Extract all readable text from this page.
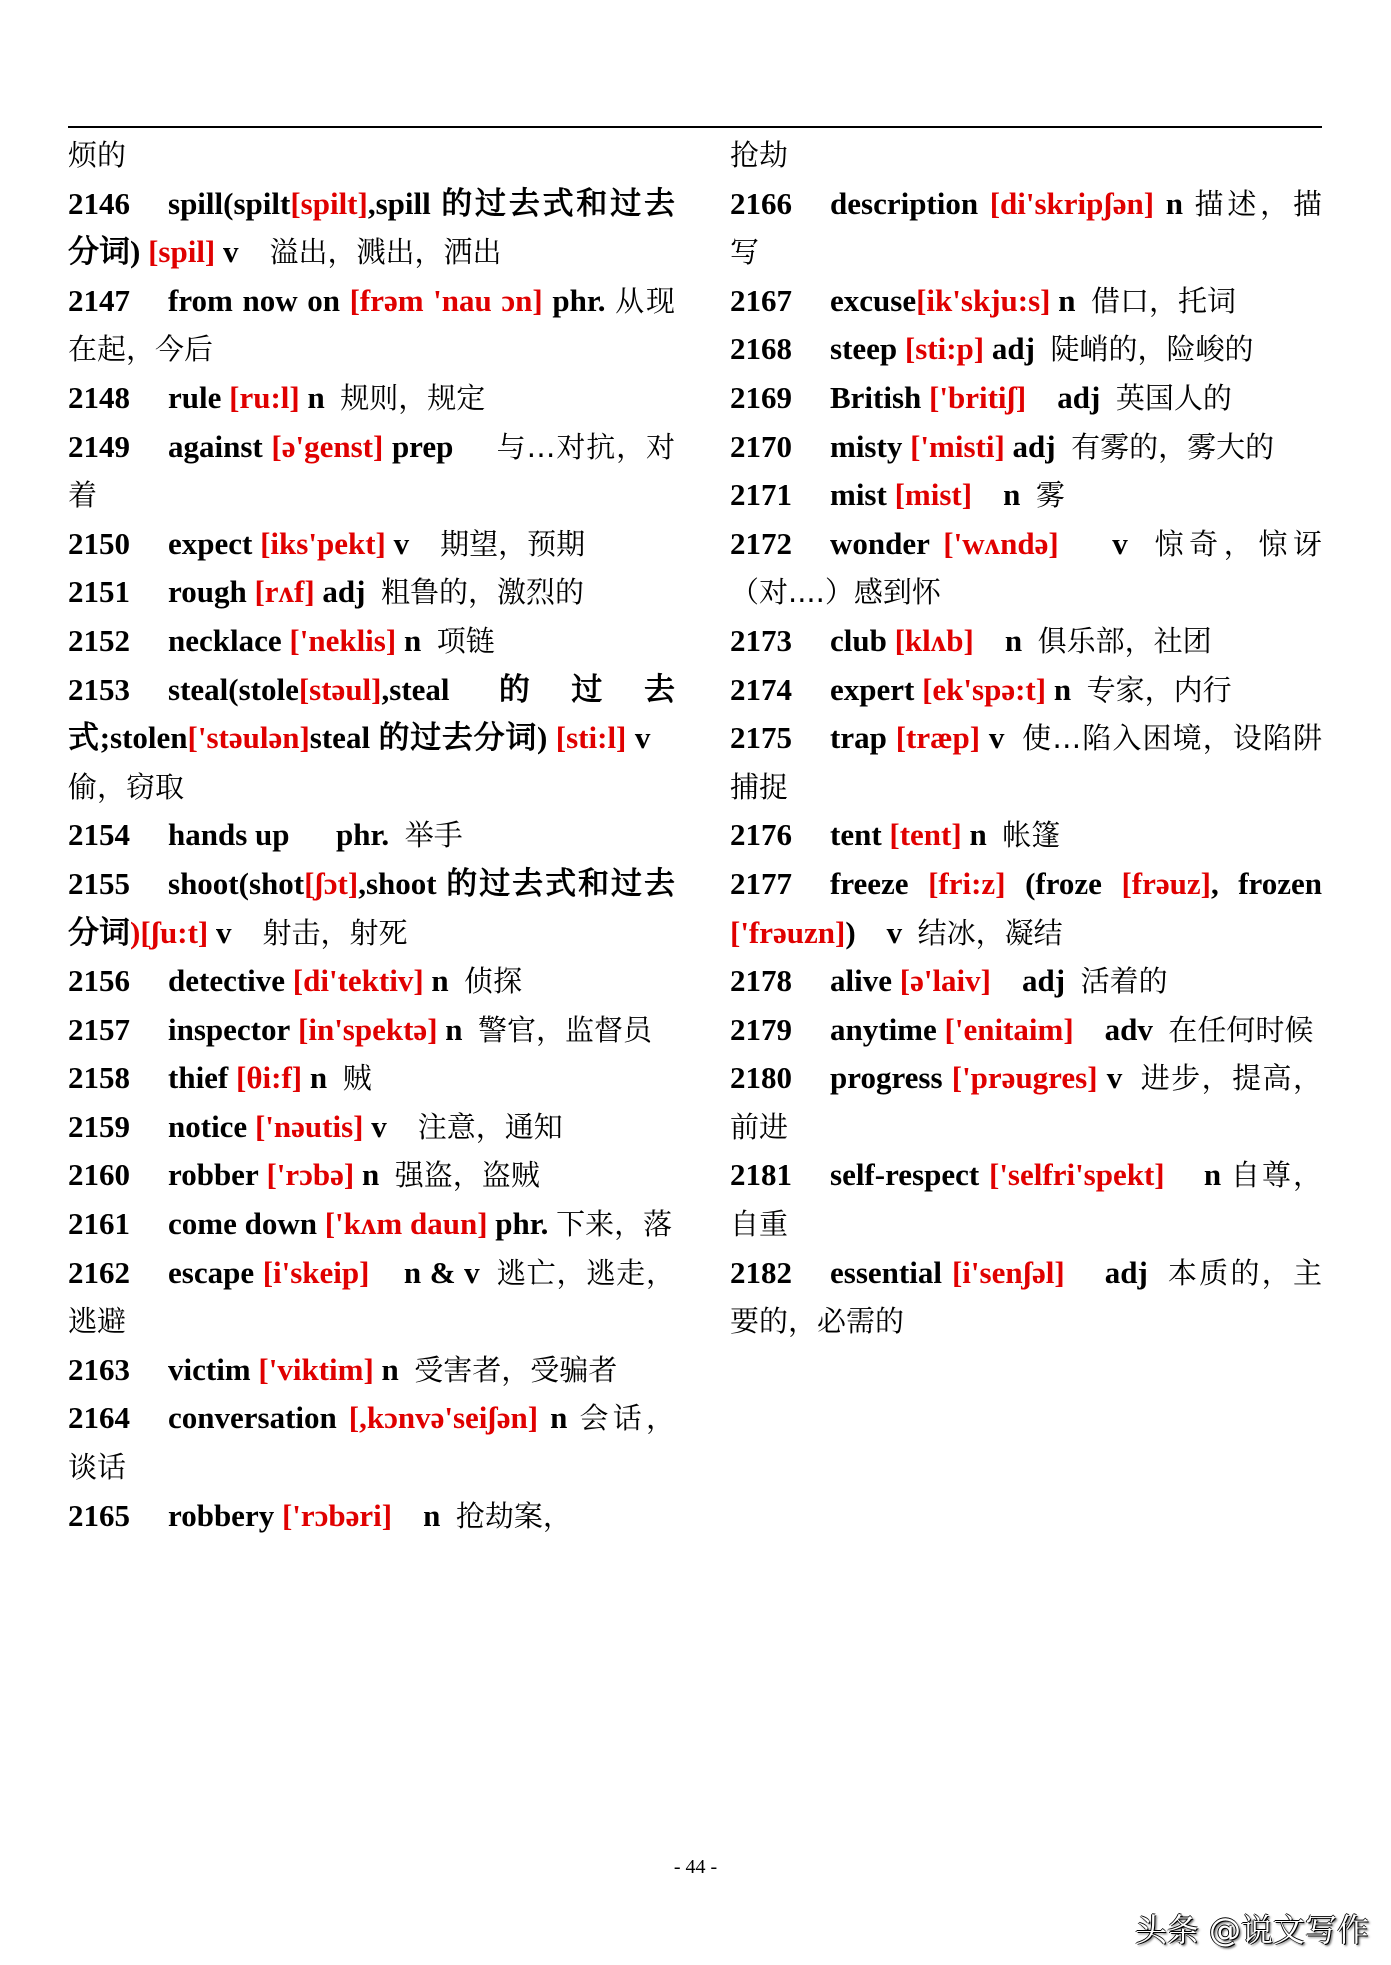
烦的

2146 spill(spilt[spilt],spill 的过去式和过去分词) [spil] v 溢出，溅出，洒出

2147 from now on [frəm 'nau ɔn] phr. 从现在起，今后

2148 rule [ru:l] n 规则，规定

2149 against [ə'genst] prep 与…对抗，对着

2150 expect [iks'pekt] v 期望，预期

2151 rough [rʌf] adj 粗鲁的，激烈的

2152 necklace ['neklis] n 项链

2153 steal(stole[stəul],steal 的过去式;stolen['stəulən]steal 的过去分词) [sti:l] v    偷，窃取

2154 hands up phr. 举手

2155 shoot(shot[ʃɔt],shoot 的过去式和过去分词)[ʃu:t] v 射击，射死

2156 detective [di'tektiv] n 侦探

2157 inspector [in'spektə] n 警官，监督员

2158 thief [θi:f] n 贼

2159 notice ['nəutis] v 注意，通知

2160 robber ['rɔbə] n 强盗，盗贼

2161 come down ['kʌm daun] phr. 下来，落

2162 escape [i'skeip] n & v 逃亡，逃走，逃避

2163 victim ['viktim] n 受害者，受骗者

2164 conversation [,kɔnvə'seiʃən] n 会话，谈话

2165 robbery ['rɔbəri] n 抢劫案，

抢劫

2166 description [di'skripʃən] n 描述，描写

2167 excuse[ik'skju:s] n 借口，托词

2168 steep [sti:p] adj 陡峭的，险峻的

2169 British ['britiʃ] adj 英国人的

2170 misty ['misti] adj 有雾的，雾大的

2171 mist [mist] n 雾

2172 wonder ['wʌndə] v 惊奇，惊讶（对....）感到怀

2173 club [klʌb] n 俱乐部，社团

2174 expert [ek'spə:t] n 专家，内行

2175 trap [træp] v 使…陷入困境，设陷阱捕捉

2176 tent [tent] n 帐篷

2177 freeze [fri:z] (froze [frəuz], frozen ['frəuzn]) v 结冰，凝结

2178 alive [ə'laiv] adj 活着的

2179 anytime ['enitaim] adv 在任何时候

2180 progress ['prəugres] v 进步，提高，前进

2181 self-respect ['selfri'spekt] n 自尊，自重

2182 essential [i'senʃəl] adj 本质的，主要的，必需的

- 44 -
头条 @说文写作
